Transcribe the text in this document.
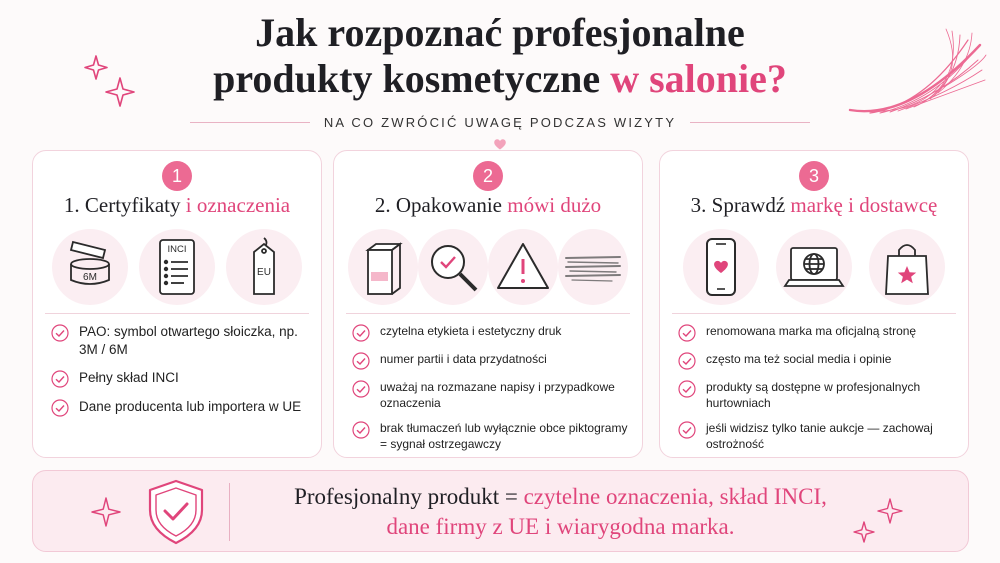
Jak rozpoznać profesjonalne
produkty kosmetyczne w salonie?
NA CO ZWRÓCIĆ UWAGĘ PODCZAS WIZYTY
1
1. Certyfikaty i oznaczenia
6M
INCI
EU
PAO: symbol otwartego słoiczka, np. 3M / 6M
Pełny skład INCI
Dane producenta lub importera w UE
2
2. Opakowanie mówi dużo
czytelna etykieta i estetyczny druk
numer partii i data przydatności
uważaj na rozmazane napisy i przypadkowe oznaczenia
brak tłumaczeń lub wyłącznie obce piktogramy = sygnał ostrzegawczy
3
3. Sprawdź markę i dostawcę
renomowana marka ma oficjalną stronę
często ma też social media i opinie
produkty są dostępne w profesjonalnych hurtowniach
jeśli widzisz tylko tanie aukcje — zachowaj ostrożność
Profesjonalny produkt = czytelne oznaczenia, skład INCI,
dane firmy z UE i wiarygodna marka.
